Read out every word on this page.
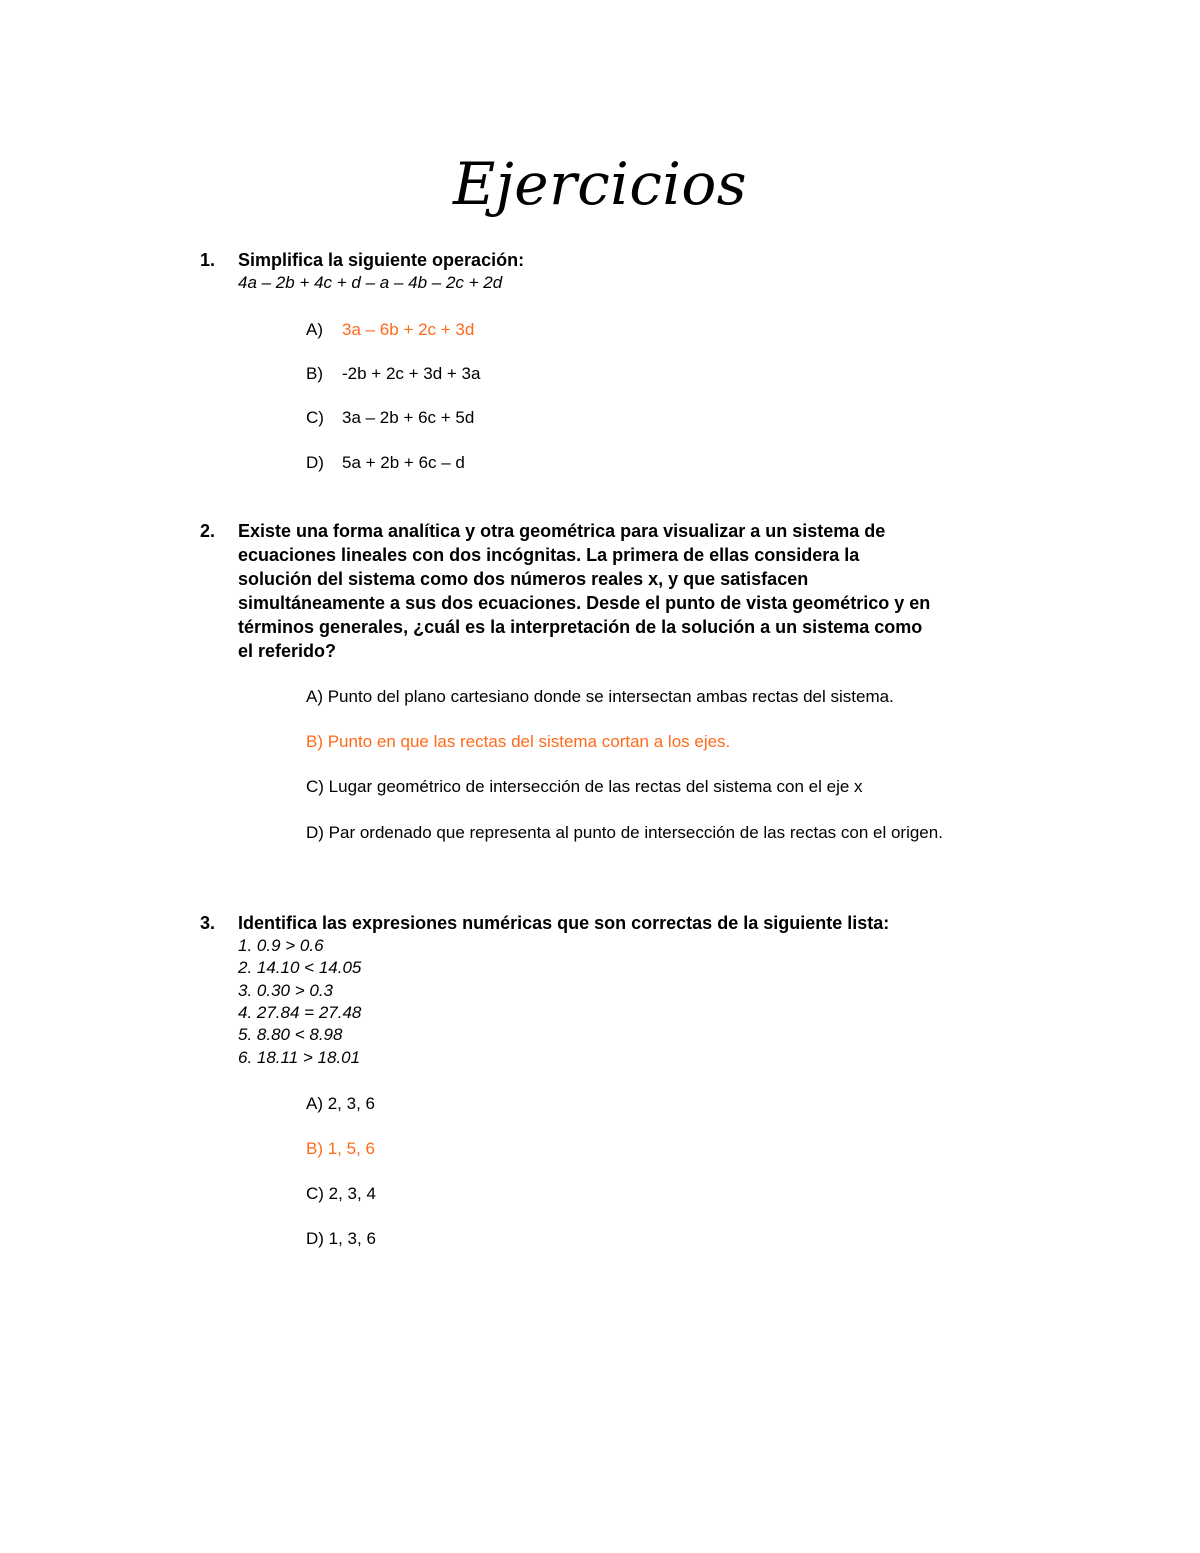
Ejercicios
1. Simplifica la siguiente operación:
4a – 2b + 4c + d – a – 4b – 2c + 2d
A) 3a – 6b + 2c + 3d
B) -2b + 2c + 3d + 3a
C) 3a – 2b + 6c + 5d
D) 5a + 2b + 6c – d
2. Existe una forma analítica y otra geométrica para visualizar a un sistema de
ecuaciones lineales con dos incógnitas. La primera de ellas considera la
solución del sistema como dos números reales x, y que satisfacen
simultáneamente a sus dos ecuaciones. Desde el punto de vista geométrico y en
términos generales, ¿cuál es la interpretación de la solución a un sistema como
el referido?
A) Punto del plano cartesiano donde se intersectan ambas rectas del sistema.
B) Punto en que las rectas del sistema cortan a los ejes.
C) Lugar geométrico de intersección de las rectas del sistema con el eje x
D) Par ordenado que representa al punto de intersección de las rectas con el origen.
3. Identifica las expresiones numéricas que son correctas de la siguiente lista:
1. 0.9 > 0.6
2. 14.10 < 14.05
3. 0.30 > 0.3
4. 27.84 = 27.48
5. 8.80 < 8.98
6. 18.11 > 18.01
A) 2, 3, 6
B) 1, 5, 6
C) 2, 3, 4
D) 1, 3, 6
